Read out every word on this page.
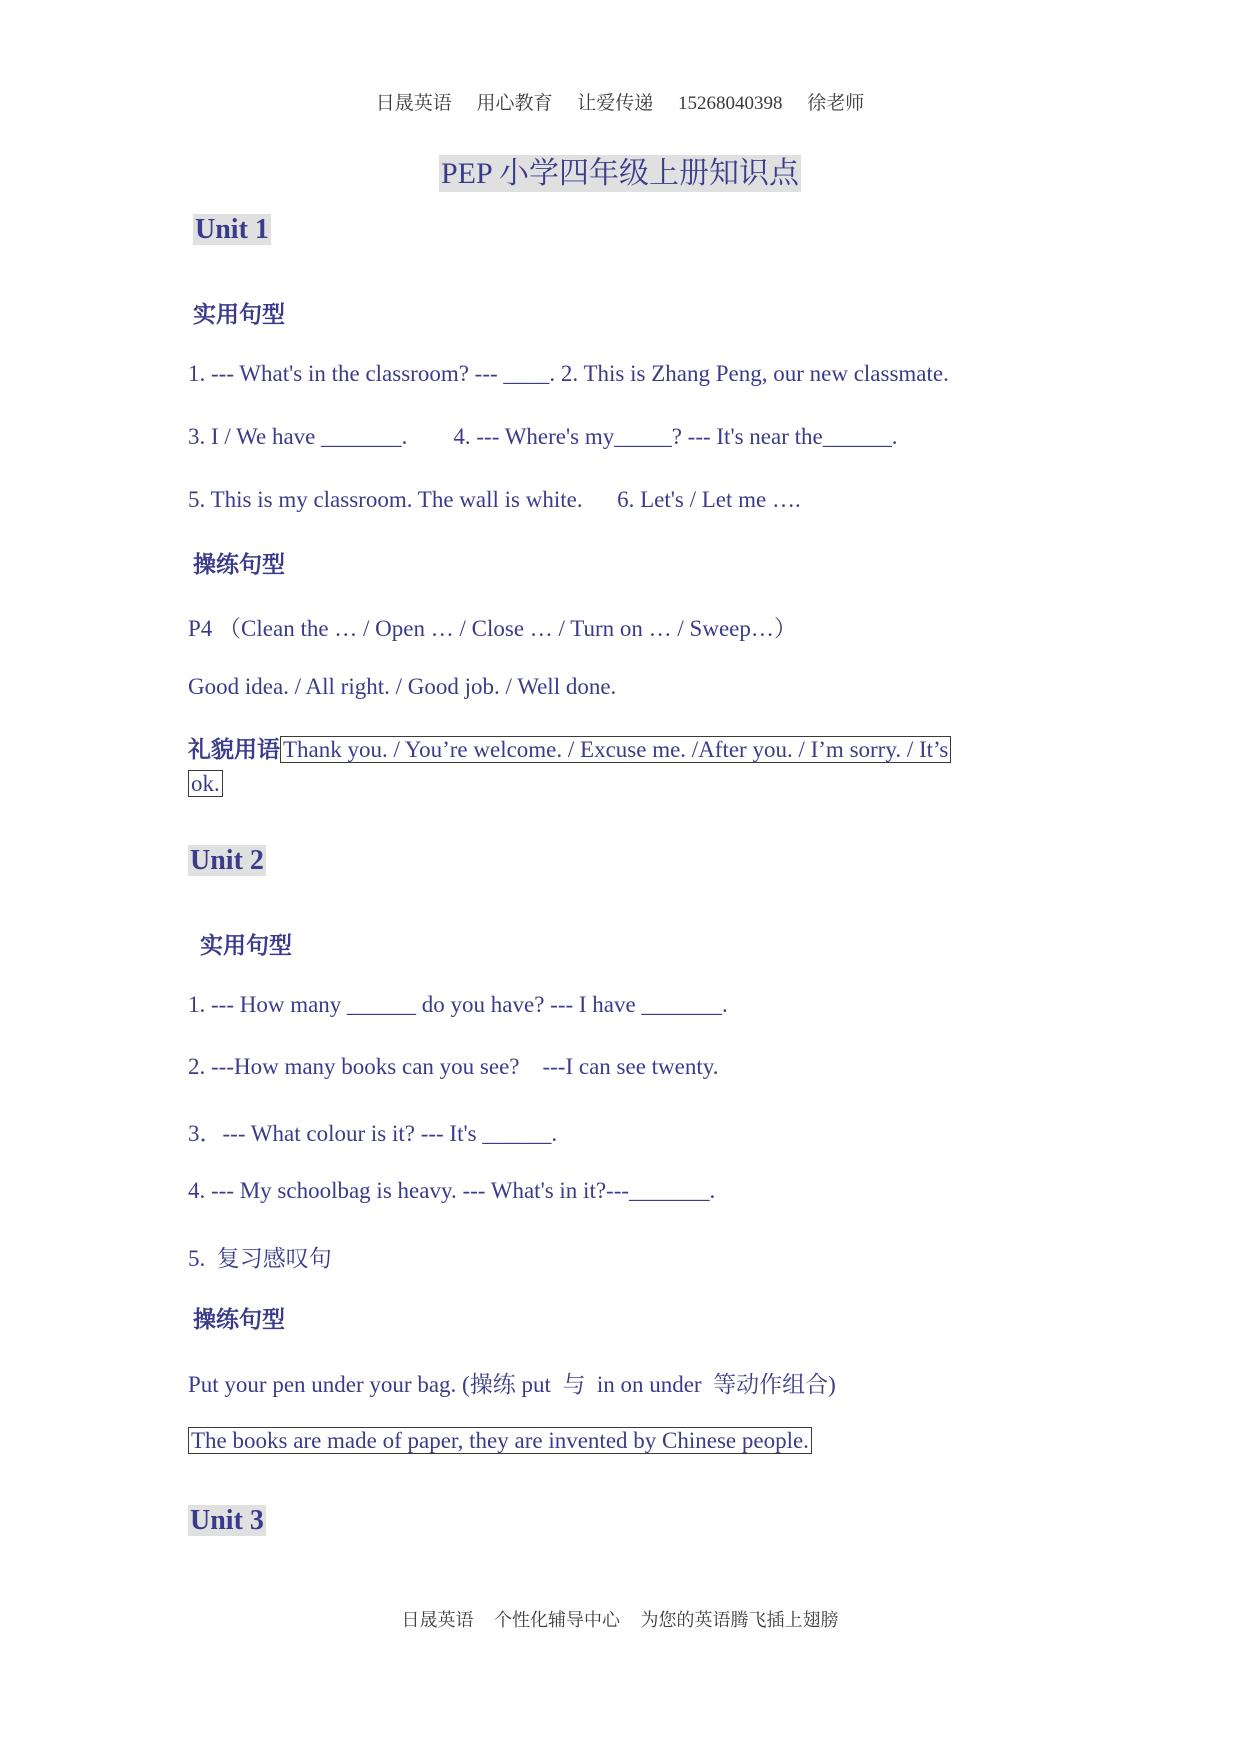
日晟英语 用心教育 让爱传递 15268040398 徐老师
PEP 小学四年级上册知识点
Unit 1
实用句型
1. --- What's in the classroom? --- ____. 2. This is Zhang Peng, our new classmate.
3. I / We have _______.        4. --- Where's my_____? --- It's near the______.
5. This is my classroom. The wall is white.      6. Let's / Let me ….
操练句型
P4 （Clean the … / Open … / Close … / Turn on … / Sweep…）
Good idea. / All right. / Good job. / Well done.
礼貌用语 Thank you. / You’re welcome. / Excuse me. /After you. / I’m sorry. / It’s
ok.
Unit 2
实用句型
1. --- How many ______ do you have? --- I have _______.
2. ---How many books can you see?    ---I can see twenty.
3．--- What colour is it? --- It's ______.
4. --- My schoolbag is heavy. --- What's in it?---_______.
5.  复习感叹句
操练句型
Put your pen under your bag. (操练 put  与  in on under  等动作组合)
The books are made of paper, they are invented by Chinese people.
Unit 3
日晟英语 个性化辅导中心 为您的英语腾飞插上翅膀
